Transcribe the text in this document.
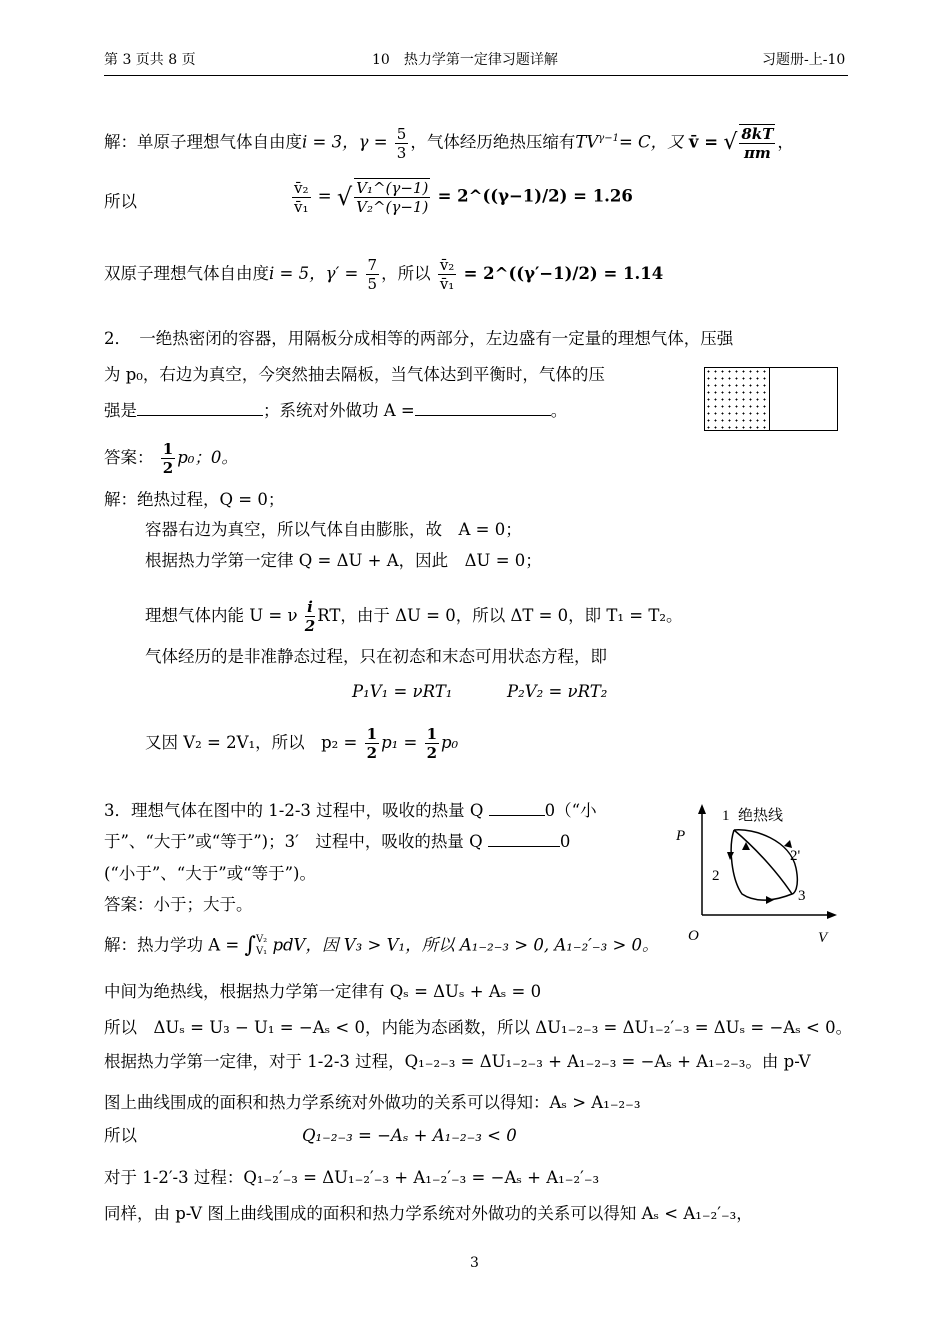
第 3 页共 8 页	10　热力学第一定律习题详解	习题册-上-10
解：单原子理想气体自由度i = 3，$\gamma = \frac{5}{3}$ ，气体经历绝热压缩有$TV^{\gamma-1}= C$，又 v̄ = √ $\frac{8kT}{\pi m}$ ，
所以	$\frac{\text{v̄₂}}{\text{v̄₁}}$ = √ $\frac{\text{V₁\textasciicircum{}(γ−1)}}{\text{V₂\textasciicircum{}(γ−1)}}$ = 2^((γ−1)/2) = 1.26
双原子理想气体自由度i = 5，$\gamma' = \frac{7}{5}$ ，所以 $\frac{\text{v̄₂}}{\text{v̄₁}}$ = 2^((γ′−1)/2) = 1.14
2．　一绝热密闭的容器，用隔板分成相等的两部分，左边盛有一定量的理想气体，压强
为 p₀，右边为真空，今突然抽去隔板，当气体达到平衡时，气体的压
强是	；系统对外做功 A =	。
答案： $\frac{1}{2} p_0$；0。
解：绝热过程，Q = 0；
容器右边为真空，所以气体自由膨胀，故　A = 0；
根据热力学第一定律 Q = ΔU + A，因此　ΔU = 0；
理想气体内能 U = ν $\frac{i}{2}$ RT，由于 ΔU = 0，所以 ΔT = 0，即 T₁ = T₂。
气体经历的是非准静态过程，只在初态和末态可用状态方程，即
P₁V₁ = νRT₁	P₂V₂ = νRT₂
又因 V₂ = 2V₁，所以　$p_2 = \frac{1}{2} p_1 = \frac{1}{2} p_0$
3．理想气体在图中的 1-2-3 过程中，吸收的热量 Q	0（“小
于”、“大于”或“等于”)；3′　过程中，吸收的热量 Q	0
(“小于”、“大于”或“等于”)。
答案：小于；大于。
1 绝热线
P
2
2'
3
O	V
解：热力学功 A = ∫ V₂
V₁ pdV，因 V₃ > V₁，所以 A₁₋₂₋₃ > 0, A₁₋₂′₋₃ > 0。
中间为绝热线，根据热力学第一定律有 Qₛ = ΔUₛ + Aₛ = 0
所以　ΔUₛ = U₃ − U₁ = −Aₛ < 0，内能为态函数，所以 ΔU₁₋₂₋₃ = ΔU₁₋₂′₋₃ = ΔUₛ = −Aₛ < 0。
根据热力学第一定律，对于 1-2-3 过程，Q₁₋₂₋₃ = ΔU₁₋₂₋₃ + A₁₋₂₋₃ = −Aₛ + A₁₋₂₋₃。由 p-V
图上曲线围成的面积和热力学系统对外做功的关系可以得知：Aₛ > A₁₋₂₋₃
所以	Q₁₋₂₋₃ = −Aₛ + A₁₋₂₋₃ < 0
对于 1-2′-3 过程：Q₁₋₂′₋₃ = ΔU₁₋₂′₋₃ + A₁₋₂′₋₃ = −Aₛ + A₁₋₂′₋₃
同样，由 p-V 图上曲线围成的面积和热力学系统对外做功的关系可以得知 Aₛ < A₁₋₂′₋₃，
3
